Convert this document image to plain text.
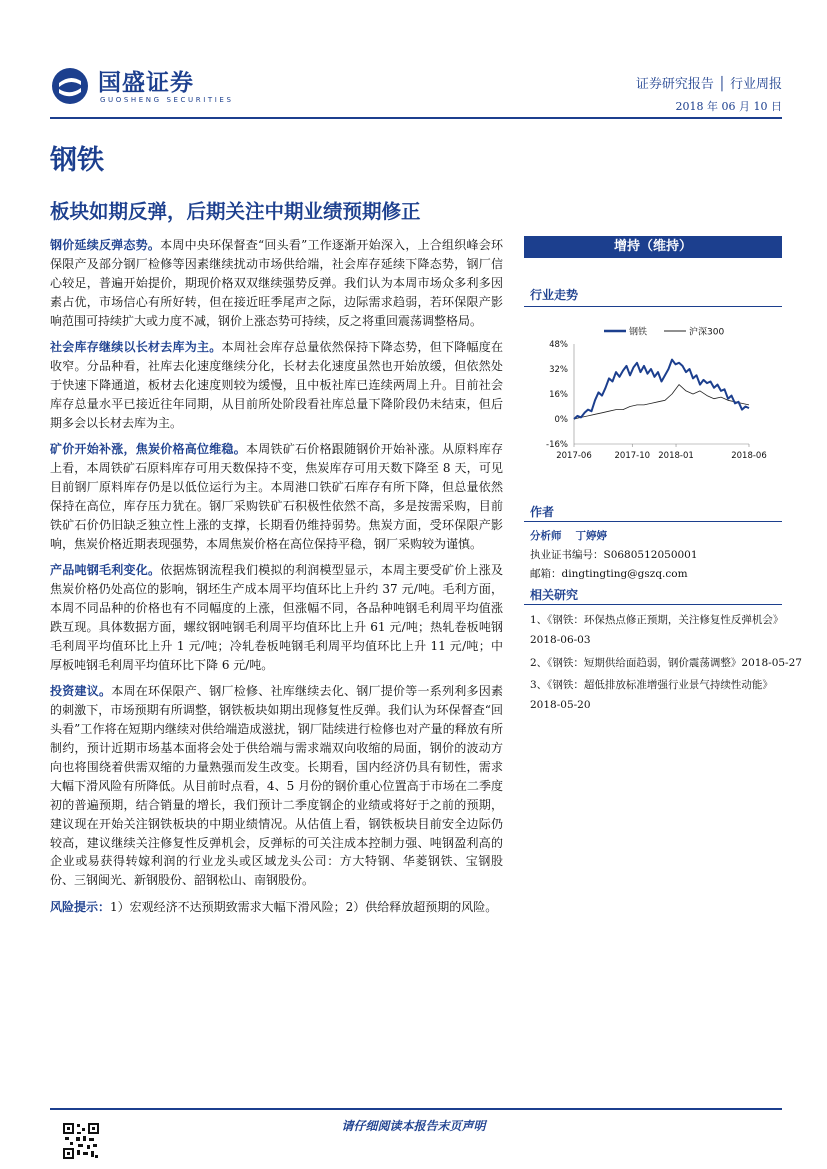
国盛证券
GUOSHENG SECURITIES
证券研究报告 │ 行业周报
2018 年 06 月 10 日
钢铁
板块如期反弹，后期关注中期业绩预期修正

钢价延续反弹态势。本周中央环保督查“回头看”工作逐渐开始深入，上合组织峰会环保限产及部分钢厂检修等因素继续扰动市场供给端，社会库存延续下降态势，钢厂信心较足，普遍开始提价，期现价格双双继续强势反弹。我们认为本周市场众多利多因素占优，市场信心有所好转，但在接近旺季尾声之际，边际需求趋弱，若环保限产影响范围可持续扩大或力度不减，钢价上涨态势可持续，反之将重回震荡调整格局。

社会库存继续以长材去库为主。本周社会库存总量依然保持下降态势，但下降幅度在收窄。分品种看，社库去化速度继续分化，长材去化速度虽然也开始放缓，但依然处于快速下降通道，板材去化速度则较为缓慢，且中板社库已连续两周上升。目前社会库存总量水平已接近往年同期，从目前所处阶段看社库总量下降阶段仍未结束，但后期多会以长材去库为主。

矿价开始补涨，焦炭价格高位维稳。本周铁矿石价格跟随钢价开始补涨。从原料库存上看，本周铁矿石原料库存可用天数保持不变，焦炭库存可用天数下降至 8 天，可见目前钢厂原料库存仍是以低位运行为主。本周港口铁矿石库存有所下降，但总量依然保持在高位，库存压力犹在。钢厂采购铁矿石积极性依然不高，多是按需采购，目前铁矿石价仍旧缺乏独立性上涨的支撑，长期看仍维持弱势。焦炭方面，受环保限产影响，焦炭价格近期表现强势，本周焦炭价格在高位保持平稳，钢厂采购较为谨慎。

产品吨钢毛利变化。依据炼钢流程我们模拟的利润模型显示，本周主要受矿价上涨及焦炭价格仍处高位的影响，钢坯生产成本周平均值环比上升约 37 元/吨。毛利方面，本周不同品种的价格也有不同幅度的上涨，但涨幅不同，各品种吨钢毛利周平均值涨跌互现。具体数据方面，螺纹钢吨钢毛利周平均值环比上升 61 元/吨；热轧卷板吨钢毛利周平均值环比上升 1 元/吨；冷轧卷板吨钢毛利周平均值环比上升 11 元/吨；中厚板吨钢毛利周平均值环比下降 6 元/吨。

投资建议。本周在环保限产、钢厂检修、社库继续去化、钢厂提价等一系列利多因素的刺激下，市场预期有所调整，钢铁板块如期出现修复性反弹。我们认为环保督查“回头看”工作将在短期内继续对供给端造成滋扰，钢厂陆续进行检修也对产量的释放有所制约，预计近期市场基本面将会处于供给端与需求端双向收缩的局面，钢价的波动方向也将围绕着供需双缩的力量熟强而发生改变。长期看，国内经济仍具有韧性，需求大幅下滑风险有所降低。从目前时点看，4、5 月份的钢价重心位置高于市场在二季度初的普遍预期，结合销量的增长，我们预计二季度钢企的业绩或将好于之前的预期，建议现在开始关注钢铁板块的中期业绩情况。从估值上看，钢铁板块目前安全边际仍较高，建议继续关注修复性反弹机会，反弹标的可关注成本控制力强、吨钢盈利高的企业或易获得转嫁利润的行业龙头或区域龙头公司：方大特钢、华菱钢铁、宝钢股份、三钢闽光、新钢股份、韶钢松山、南钢股份。

风险提示：1）宏观经济不达预期致需求大幅下滑风险；2）供给释放超预期的风险。

增持（维持）
行业走势
钢铁	沪深300
48%
32%
16%
0%
-16%
2017-06	2017-10 2018-01	2018-06
作者
分析师 丁婷婷
执业证书编号：S0680512050001
邮箱：dingtingting@gszq.com
相关研究
1、《钢铁：环保热点修正预期，关注修复性反弹机会》
2018-06-03
2、《钢铁：短期供给面趋弱，钢价震荡调整》2018-05-27
3、《钢铁：超低排放标准增强行业景气持续性动能》
2018-05-20
请仔细阅读本报告末页声明
